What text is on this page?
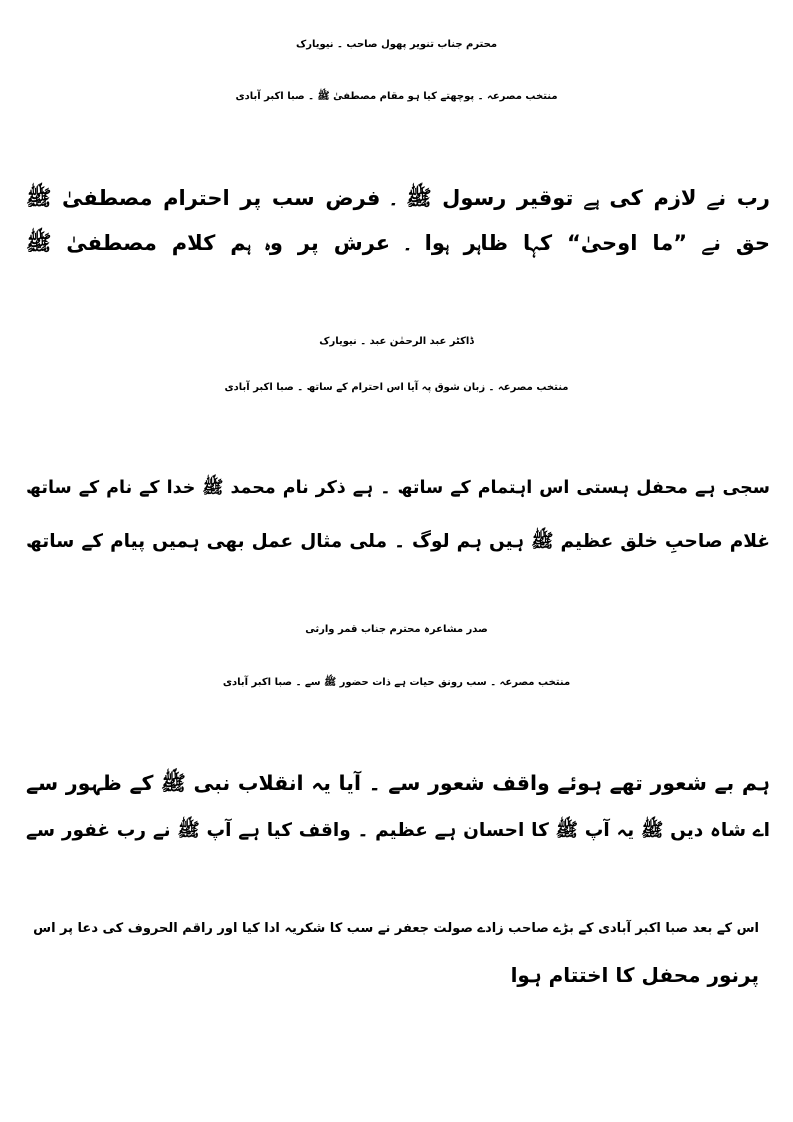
محترم جناب تنویر پھول صاحب ۔ نیویارک
منتخب مصرعہ ۔ پوچھتے کیا ہو مقام مصطفیٰ ﷺ ۔ صبا اکبر آبادی
رب نے لازم کی ہے توقیر رسول ﷺ ۔ فرض سب پر احترام مصطفیٰ ﷺ
حق نے ”ما اوحیٰ“ کہا ظاہر ہوا ۔ عرش پر وہ ہم کلام مصطفیٰ ﷺ
ڈاکٹر عبد الرحمٰن عبد ۔ نیویارک
منتخب مصرعہ ۔ زبان شوق پہ آیا اس احترام کے ساتھ ۔ صبا اکبر آبادی
سجی ہے محفل ہستی اس اہتمام کے ساتھ ۔ ہے ذکر نام محمد ﷺ خدا کے نام کے ساتھ
غلام صاحبِ خلق عظیم ﷺ ہیں ہم لوگ ۔ ملی مثال عمل بھی ہمیں پیام کے ساتھ
صدر مشاعرہ محترم جناب قمر وارثی
منتخب مصرعہ ۔ سب رونق حیات ہے ذات حضور ﷺ سے ۔ صبا اکبر آبادی
ہم بے شعور تھے ہوئے واقف شعور سے ۔ آیا یہ انقلاب نبی ﷺ کے ظہور سے
اے شاہ دیں ﷺ یہ آپ ﷺ کا احسان ہے عظیم ۔ واقف کیا ہے آپ ﷺ نے رب غفور سے
اس کے بعد صبا اکبر آبادی کے بڑے صاحب زادے صولت جعفر نے سب کا شکریہ ادا کیا اور راقم الحروف کی دعا پر اس
پرنور محفل کا اختتام ہوا
